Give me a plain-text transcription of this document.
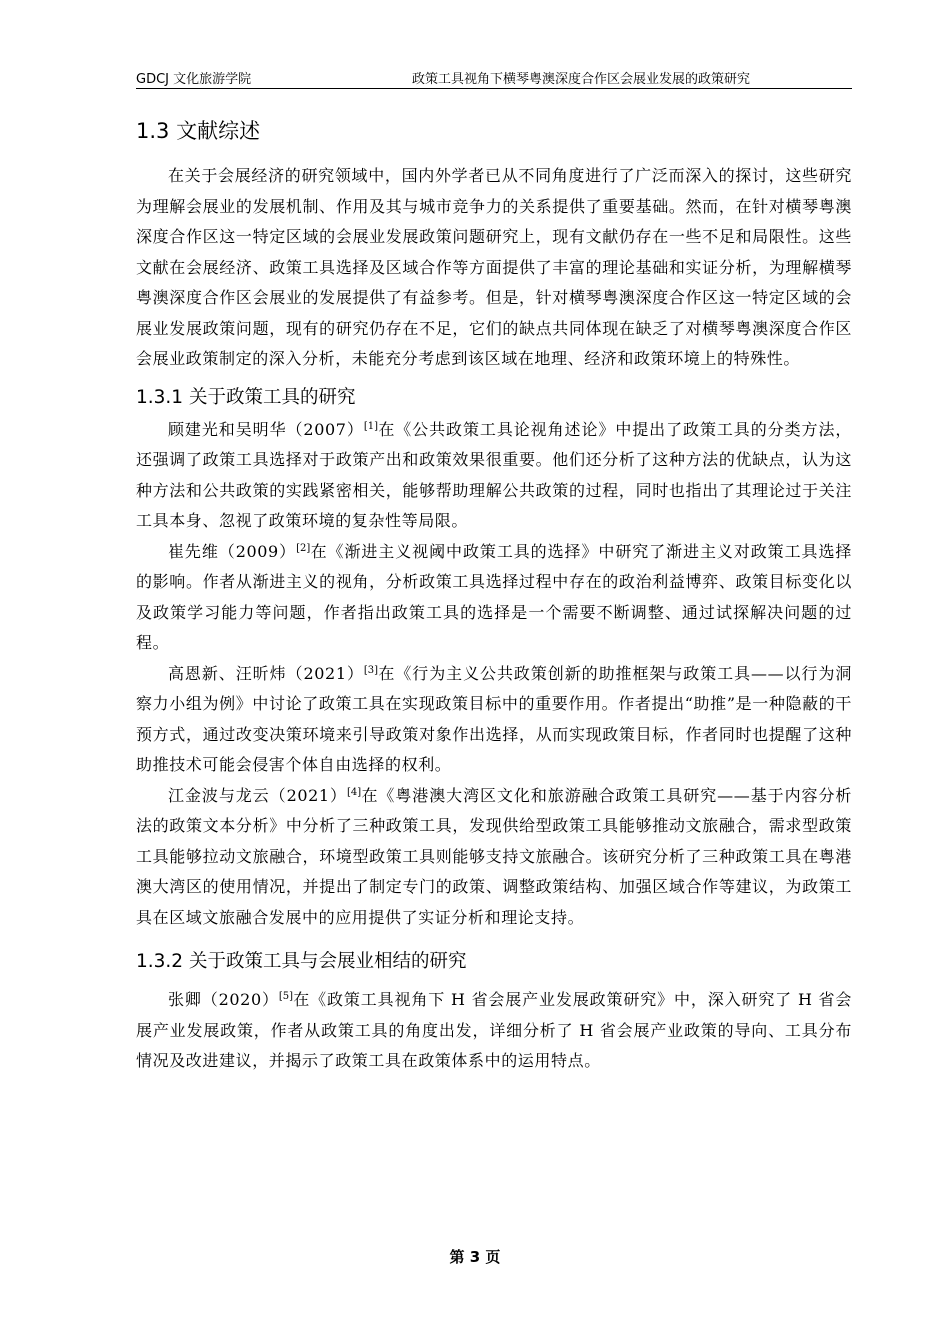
GDCJ 文化旅游学院	政策工具视角下横琴粤澳深度合作区会展业发展的政策研究
1.3 文献综述

在关于会展经济的研究领域中，国内外学者已从不同角度进行了广泛而深入的探讨，这些研究为理解会展业的发展机制、作用及其与城市竞争力的关系提供了重要基础。然而，在针对横琴粤澳深度合作区这一特定区域的会展业发展政策问题研究上，现有文献仍存在一些不足和局限性。这些文献在会展经济、政策工具选择及区域合作等方面提供了丰富的理论基础和实证分析，为理解横琴粤澳深度合作区会展业的发展提供了有益参考。但是，针对横琴粤澳深度合作区这一特定区域的会展业发展政策问题，现有的研究仍存在不足，它们的缺点共同体现在缺乏了对横琴粤澳深度合作区会展业政策制定的深入分析，未能充分考虑到该区域在地理、经济和政策环境上的特殊性。

1.3.1 关于政策工具的研究

顾建光和吴明华（2007）[1]在《公共政策工具论视角述论》中提出了政策工具的分类方法，还强调了政策工具选择对于政策产出和政策效果很重要。他们还分析了这种方法的优缺点，认为这种方法和公共政策的实践紧密相关，能够帮助理解公共政策的过程，同时也指出了其理论过于关注工具本身、忽视了政策环境的复杂性等局限。

崔先维（2009）[2]在《渐进主义视阈中政策工具的选择》中研究了渐进主义对政策工具选择的影响。作者从渐进主义的视角，分析政策工具选择过程中存在的政治利益博弈、政策目标变化以及政策学习能力等问题，作者指出政策工具的选择是一个需要不断调整、通过试探解决问题的过程。

高恩新、汪昕炜（2021）[3]在《行为主义公共政策创新的助推框架与政策工具——以行为洞察力小组为例》中讨论了政策工具在实现政策目标中的重要作用。作者提出“助推”是一种隐蔽的干预方式，通过改变决策环境来引导政策对象作出选择，从而实现政策目标，作者同时也提醒了这种助推技术可能会侵害个体自由选择的权利。

江金波与龙云（2021）[4]在《粤港澳大湾区文化和旅游融合政策工具研究——基于内容分析法的政策文本分析》中分析了三种政策工具，发现供给型政策工具能够推动文旅融合，需求型政策工具能够拉动文旅融合，环境型政策工具则能够支持文旅融合。该研究分析了三种政策工具在粤港澳大湾区的使用情况，并提出了制定专门的政策、调整政策结构、加强区域合作等建议，为政策工具在区域文旅融合发展中的应用提供了实证分析和理论支持。

1.3.2 关于政策工具与会展业相结的研究

张卿（2020）[5]在《政策工具视角下 H 省会展产业发展政策研究》中，深入研究了 H 省会展产业发展政策，作者从政策工具的角度出发，详细分析了 H 省会展产业政策的导向、工具分布情况及改进建议，并揭示了政策工具在政策体系中的运用特点。

第 3 页
